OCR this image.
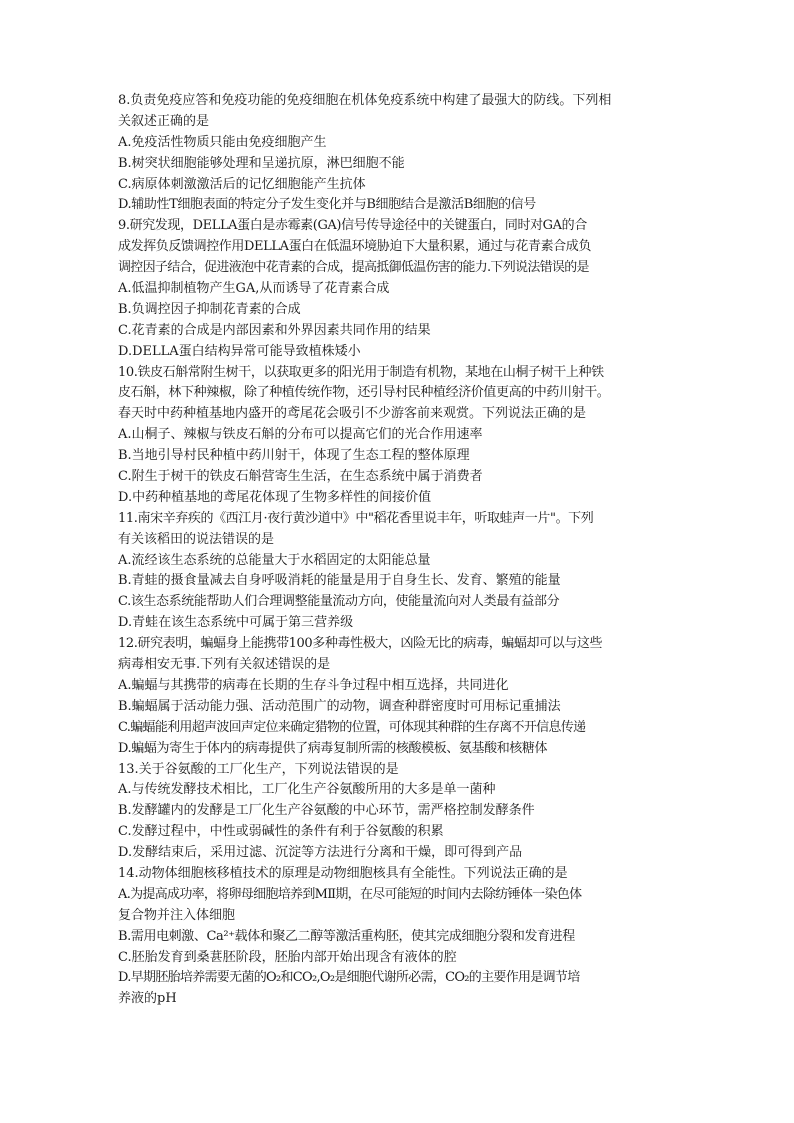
8.负责免疫应答和免疫功能的免疫细胞在机体免疫系统中构建了最强大的防线。下列相
关叙述正确的是
A.免疫活性物质只能由免疫细胞产生
B.树突状细胞能够处理和呈递抗原，淋巴细胞不能
C.病原体刺激激活后的记忆细胞能产生抗体
D.辅助性T细胞表面的特定分子发生变化并与B细胞结合是激活B细胞的信号
9.研究发现，DELLA蛋白是赤霉素(GA)信号传导途径中的关键蛋白，同时对GA的合
成发挥负反馈调控作用DELLA蛋白在低温环境胁迫下大量积累，通过与花青素合成负
调控因子结合，促进液泡中花青素的合成，提高抵御低温伤害的能力.下列说法错误的是
A.低温抑制植物产生GA,从而诱导了花青素合成
B.负调控因子抑制花青素的合成
C.花青素的合成是内部因素和外界因素共同作用的结果
D.DELLA蛋白结构异常可能导致植株矮小
10.铁皮石斛常附生树干，以获取更多的阳光用于制造有机物，某地在山桐子树干上种铁
皮石斛，林下种辣椒，除了种植传统作物，还引导村民种植经济价值更高的中药川射干。
春天时中药种植基地内盛开的鸢尾花会吸引不少游客前来观赏。下列说法正确的是
A.山桐子、辣椒与铁皮石斛的分布可以提高它们的光合作用速率
B.当地引导村民种植中药川射干，体现了生态工程的整体原理
C.附生于树干的铁皮石斛营寄生生活，在生态系统中属于消费者
D.中药种植基地的鸢尾花体现了生物多样性的间接价值
11.南宋辛弃疾的《西江月·夜行黄沙道中》中"稻花香里说丰年，听取蛙声一片"。下列
有关该稻田的说法错误的是
A.流经该生态系统的总能量大于水稻固定的太阳能总量
B.青蛙的摄食量减去自身呼吸消耗的能量是用于自身生长、发育、繁殖的能量
C.该生态系统能帮助人们合理调整能量流动方向，使能量流向对人类最有益部分
D.青蛙在该生态系统中可属于第三营养级
12.研究表明，蝙蝠身上能携带100多种毒性极大，凶险无比的病毒，蝙蝠却可以与这些
病毒相安无事.下列有关叙述错误的是
A.蝙蝠与其携带的病毒在长期的生存斗争过程中相互选择，共同进化
B.蝙蝠属于活动能力强、活动范围广的动物，调查种群密度时可用标记重捕法
C.蝙蝠能利用超声波回声定位来确定猎物的位置，可体现其种群的生存离不开信息传递
D.蝙蝠为寄生于体内的病毒提供了病毒复制所需的核酸模板、氨基酸和核糖体
13.关于谷氨酸的工厂化生产，下列说法错误的是
A.与传统发酵技术相比，工厂化生产谷氨酸所用的大多是单一菌种
B.发酵罐内的发酵是工厂化生产谷氨酸的中心环节，需严格控制发酵条件
C.发酵过程中，中性或弱碱性的条件有利于谷氨酸的积累
D.发酵结束后，采用过滤、沉淀等方法进行分离和干燥，即可得到产品
14.动物体细胞核移植技术的原理是动物细胞核具有全能性。下列说法正确的是
A.为提高成功率，将卵母细胞培养到MⅡ期，在尽可能短的时间内去除纺锤体一染色体
复合物并注入体细胞
B.需用电刺激、Ca²⁺载体和聚乙二醇等激活重构胚，使其完成细胞分裂和发育进程
C.胚胎发育到桑葚胚阶段，胚胎内部开始出现含有液体的腔
D.早期胚胎培养需要无菌的O₂和CO₂,O₂是细胞代谢所必需，CO₂的主要作用是调节培
养液的pH
